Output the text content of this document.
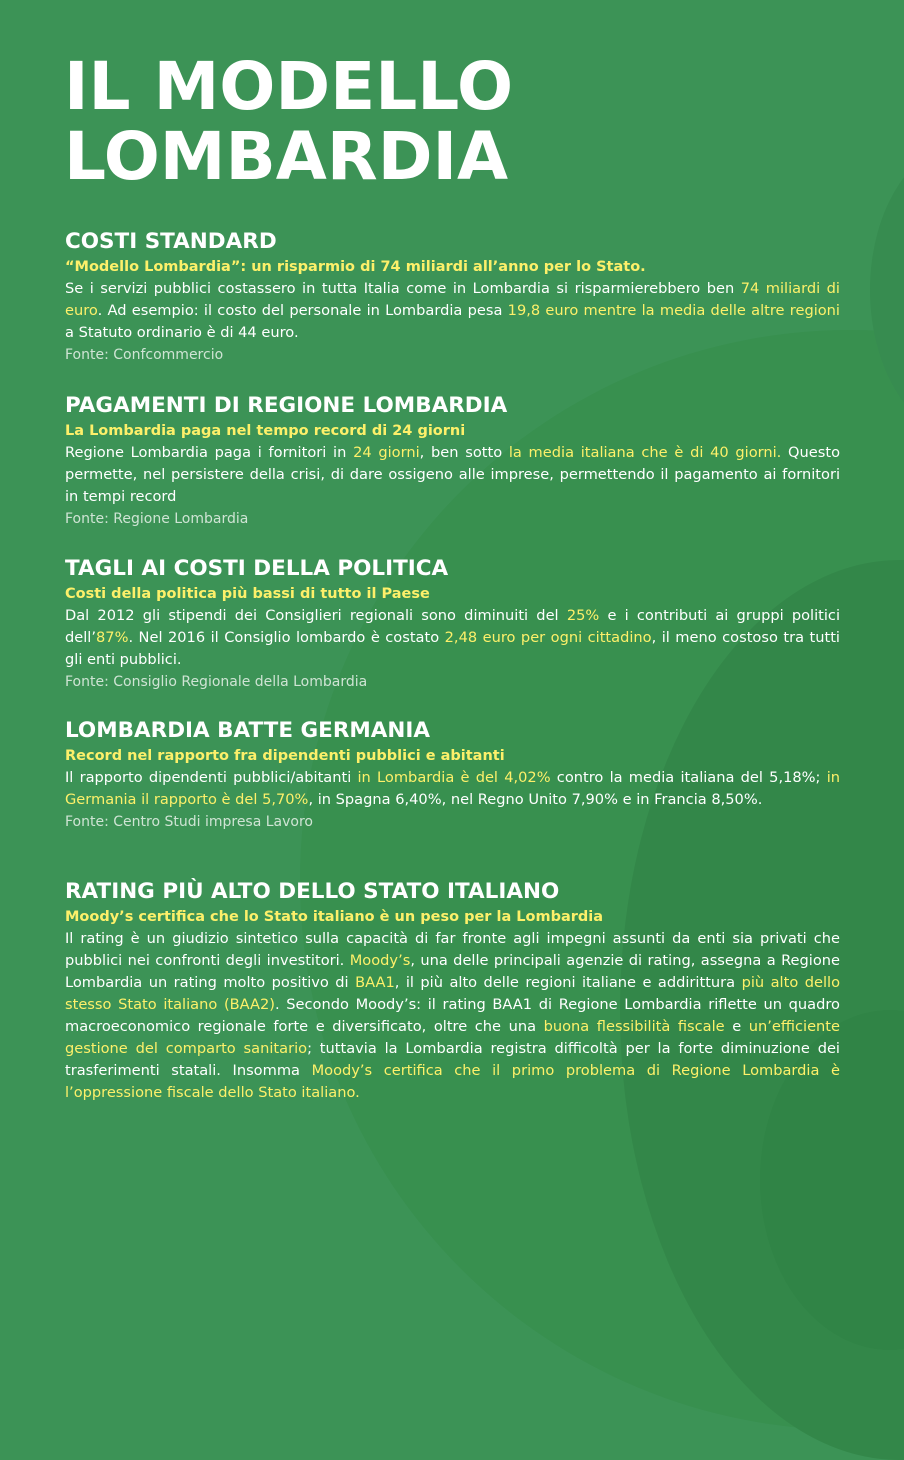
IL MODELLO
LOMBARDIA
COSTI STANDARD

“Modello Lombardia”: un risparmio di 74 miliardi all’anno per lo Stato.

Se i servizi pubblici costassero in tutta Italia come in Lombardia si risparmierebbero ben 74 miliardi di euro. Ad esempio: il costo del personale in Lombardia pesa 19,8 euro mentre la media delle altre regioni a Statuto ordinario è di 44 euro.

Fonte: Confcommercio

PAGAMENTI DI REGIONE LOMBARDIA

La Lombardia paga nel tempo record di 24 giorni

Regione Lombardia paga i fornitori in 24 giorni, ben sotto la media italiana che è di 40 giorni. Questo permette, nel persistere della crisi, di dare ossigeno alle imprese, permettendo il pagamento ai fornitori in tempi record

Fonte: Regione Lombardia

TAGLI AI COSTI DELLA POLITICA

Costi della politica più bassi di tutto il Paese

Dal 2012 gli stipendi dei Consiglieri regionali sono diminuiti del 25% e i contributi ai gruppi politici dell’87%. Nel 2016 il Consiglio lombardo è costato 2,48 euro per ogni cittadino, il meno costoso tra tutti gli enti pubblici.

Fonte: Consiglio Regionale della Lombardia

LOMBARDIA BATTE GERMANIA

Record nel rapporto fra dipendenti pubblici e abitanti

Il rapporto dipendenti pubblici/abitanti in Lombardia è del 4,02% contro la media italiana del 5,18%; in Germania il rapporto è del 5,70%, in Spagna 6,40%, nel Regno Unito 7,90% e in Francia 8,50%.

Fonte: Centro Studi impresa Lavoro

RATING PIÙ ALTO DELLO STATO ITALIANO

Moody’s certifica che lo Stato italiano è un peso per la Lombardia

Il rating è un giudizio sintetico sulla capacità di far fronte agli impegni assunti da enti sia privati che pubblici nei confronti degli investitori. Moody’s, una delle principali agenzie di rating, assegna a Regione Lombardia un rating molto positivo di BAA1, il più alto delle regioni italiane e addirittura più alto dello stesso Stato italiano (BAA2). Secondo Moody’s: il rating BAA1 di Regione Lombardia riflette un quadro macroeconomico regionale forte e diversificato, oltre che una buona flessibilità fiscale e un’efficiente gestione del comparto sanitario; tuttavia la Lombardia registra difficoltà per la forte diminuzione dei trasferimenti statali. Insomma Moody’s certifica che il primo problema di Regione Lombardia è l’oppressione fiscale dello Stato italiano.
